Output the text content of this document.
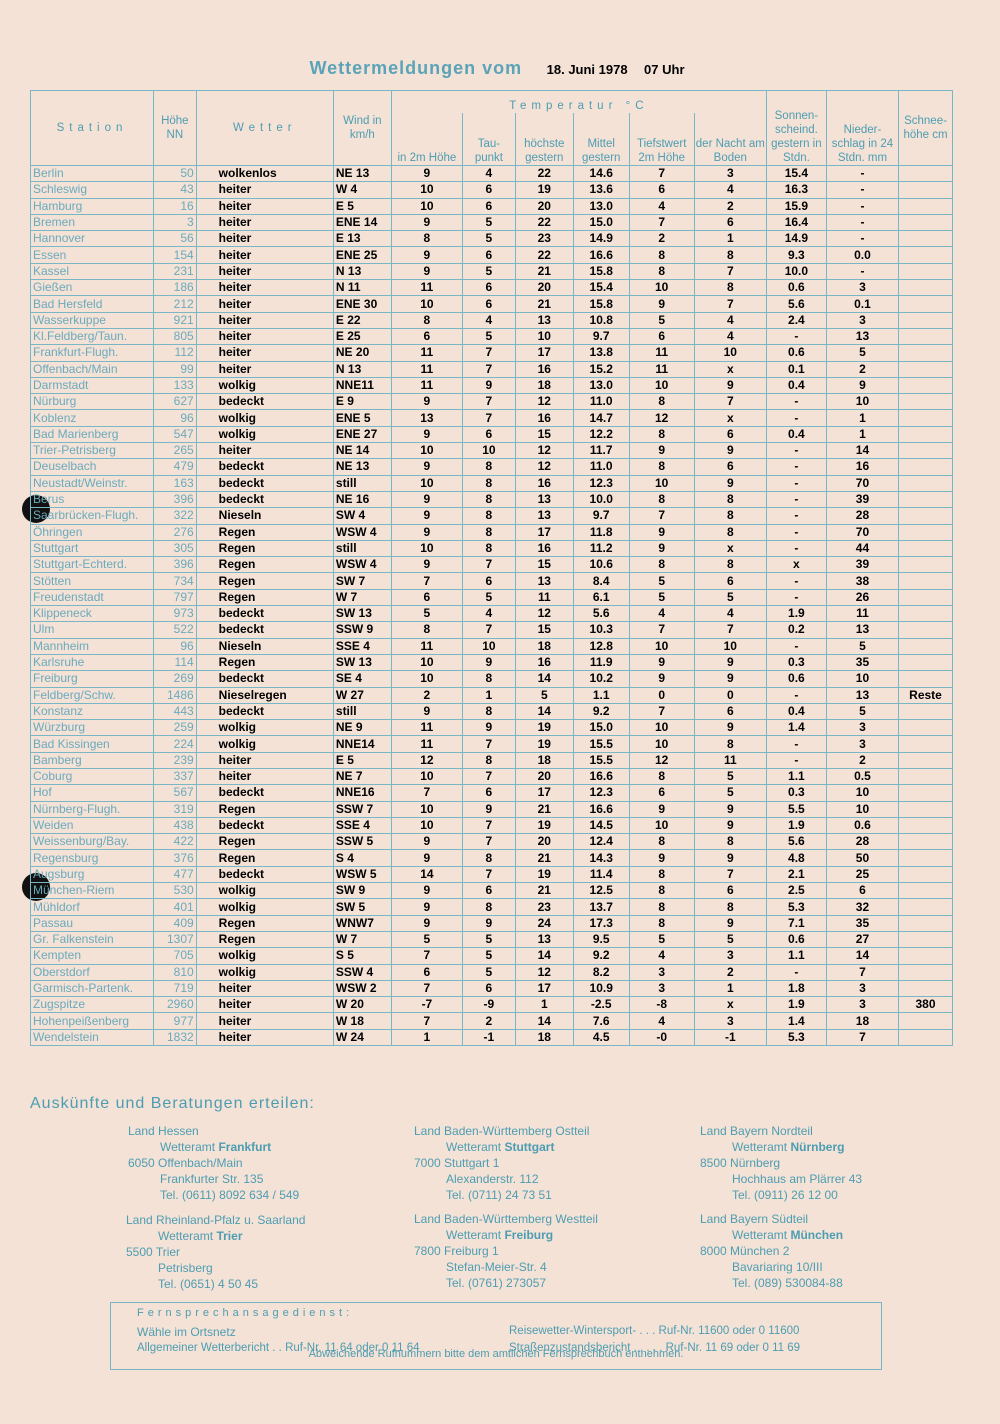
Wettermeldungen vom 18. Juni 1978 07 Uhr
Station	Höhe NN	Wetter	Wind in km/h	Temperatur °C						Sonnen- scheind. gestern in Stdn.	Nieder- schlag in 24 Stdn. mm	Schnee- höhe cm
				in 2m Höhe	Tau- punkt	höchste gestern	Mittel gestern	Tiefstwert 2m Höhe	der Nacht am Boden			
Berlin	50	wolkenlos	NE 13	9	4	22	14.6	7	3	15.4	-	
Schleswig	43	heiter	W 4	10	6	19	13.6	6	4	16.3	-	
Hamburg	16	heiter	E 5	10	6	20	13.0	4	2	15.9	-	
Bremen	3	heiter	ENE 14	9	5	22	15.0	7	6	16.4	-	
Hannover	56	heiter	E 13	8	5	23	14.9	2	1	14.9	-	
Essen	154	heiter	ENE 25	9	6	22	16.6	8	8	9.3	0.0	
Kassel	231	heiter	N 13	9	5	21	15.8	8	7	10.0	-	
Gießen	186	heiter	N 11	11	6	20	15.4	10	8	0.6	3	
Bad Hersfeld	212	heiter	ENE 30	10	6	21	15.8	9	7	5.6	0.1	
Wasserkuppe	921	heiter	E 22	8	4	13	10.8	5	4	2.4	3	
Kl.Feldberg/Taun.	805	heiter	E 25	6	5	10	9.7	6	4	-	13	
Frankfurt-Flugh.	112	heiter	NE 20	11	7	17	13.8	11	10	0.6	5	
Offenbach/Main	99	heiter	N 13	11	7	16	15.2	11	x	0.1	2	
Darmstadt	133	wolkig	NNE11	11	9	18	13.0	10	9	0.4	9	
Nürburg	627	bedeckt	E 9	9	7	12	11.0	8	7	-	10	
Koblenz	96	wolkig	ENE 5	13	7	16	14.7	12	x	-	1	
Bad Marienberg	547	wolkig	ENE 27	9	6	15	12.2	8	6	0.4	1	
Trier-Petrisberg	265	heiter	NE 14	10	10	12	11.7	9	9	-	14	
Deuselbach	479	bedeckt	NE 13	9	8	12	11.0	8	6	-	16	
Neustadt/Weinstr.	163	bedeckt	still	10	8	16	12.3	10	9	-	70	
Berus	396	bedeckt	NE 16	9	8	13	10.0	8	8	-	39	
Saarbrücken-Flugh.	322	Nieseln	SW 4	9	8	13	9.7	7	8	-	28	
Öhringen	276	Regen	WSW 4	9	8	17	11.8	9	8	-	70	
Stuttgart	305	Regen	still	10	8	16	11.2	9	x	-	44	
Stuttgart-Echterd.	396	Regen	WSW 4	9	7	15	10.6	8	8	x	39	
Stötten	734	Regen	SW 7	7	6	13	8.4	5	6	-	38	
Freudenstadt	797	Regen	W 7	6	5	11	6.1	5	5	-	26	
Klippeneck	973	bedeckt	SW 13	5	4	12	5.6	4	4	1.9	11	
Ulm	522	bedeckt	SSW 9	8	7	15	10.3	7	7	0.2	13	
Mannheim	96	Nieseln	SSE 4	11	10	18	12.8	10	10	-	5	
Karlsruhe	114	Regen	SW 13	10	9	16	11.9	9	9	0.3	35	
Freiburg	269	bedeckt	SE 4	10	8	14	10.2	9	9	0.6	10	
Feldberg/Schw.	1486	Nieselregen	W 27	2	1	5	1.1	0	0	-	13	Reste
Konstanz	443	bedeckt	still	9	8	14	9.2	7	6	0.4	5	
Würzburg	259	wolkig	NE 9	11	9	19	15.0	10	9	1.4	3	
Bad Kissingen	224	wolkig	NNE14	11	7	19	15.5	10	8	-	3	
Bamberg	239	heiter	E 5	12	8	18	15.5	12	11	-	2	
Coburg	337	heiter	NE 7	10	7	20	16.6	8	5	1.1	0.5	
Hof	567	bedeckt	NNE16	7	6	17	12.3	6	5	0.3	10	
Nürnberg-Flugh.	319	Regen	SSW 7	10	9	21	16.6	9	9	5.5	10	
Weiden	438	bedeckt	SSE 4	10	7	19	14.5	10	9	1.9	0.6	
Weissenburg/Bay.	422	Regen	SSW 5	9	7	20	12.4	8	8	5.6	28	
Regensburg	376	Regen	S 4	9	8	21	14.3	9	9	4.8	50	
Augsburg	477	bedeckt	WSW 5	14	7	19	11.4	8	7	2.1	25	
München-Riem	530	wolkig	SW 9	9	6	21	12.5	8	6	2.5	6	
Mühldorf	401	wolkig	SW 5	9	8	23	13.7	8	8	5.3	32	
Passau	409	Regen	WNW7	9	9	24	17.3	8	9	7.1	35	
Gr. Falkenstein	1307	Regen	W 7	5	5	13	9.5	5	5	0.6	27	
Kempten	705	wolkig	S 5	7	5	14	9.2	4	3	1.1	14	
Oberstdorf	810	wolkig	SSW 4	6	5	12	8.2	3	2	-	7	
Garmisch-Partenk.	719	heiter	WSW 2	7	6	17	10.9	3	1	1.8	3	
Zugspitze	2960	heiter	W 20	-7	-9	1	-2.5	-8	x	1.9	3	380
Hohenpeißenberg	977	heiter	W 18	7	2	14	7.6	4	3	1.4	18	
Wendelstein	1832	heiter	W 24	1	-1	18	4.5	-0	-1	5.3	7	
Auskünfte und Beratungen erteilen:
Land Hessen
Wetteramt Frankfurt
6050 Offenbach/Main
Frankfurter Str. 135
Tel. (0611) 8092 634 / 549
Land Baden-Württemberg Ostteil
Wetteramt Stuttgart
7000 Stuttgart 1
Alexanderstr. 112
Tel. (0711) 24 73 51
Land Bayern Nordteil
Wetteramt Nürnberg
8500 Nürnberg
Hochhaus am Plärrer 43
Tel. (0911) 26 12 00
Land Rheinland-Pfalz u. Saarland
Wetteramt Trier
5500 Trier
Petrisberg
Tel. (0651) 4 50 45
Land Baden-Württemberg Westteil
Wetteramt Freiburg
7800 Freiburg 1
Stefan-Meier-Str. 4
Tel. (0761) 273057
Land Bayern Südteil
Wetteramt München
8000 München 2
Bavariaring 10/III
Tel. (089) 530084-88
Fernsprechansagedienst:
Wähle im Ortsnetz
Allgemeiner Wetterbericht . . Ruf-Nr. 11 64 oder 0 11 64
Reisewetter-Wintersport- . . . Ruf-Nr. 11600 oder 0 11600
Straßenzustandsbericht . . . . . Ruf-Nr. 11 69 oder 0 11 69
Abweichende Rufnummern bitte dem amtlichen Fernsprechbuch entnehmen.
